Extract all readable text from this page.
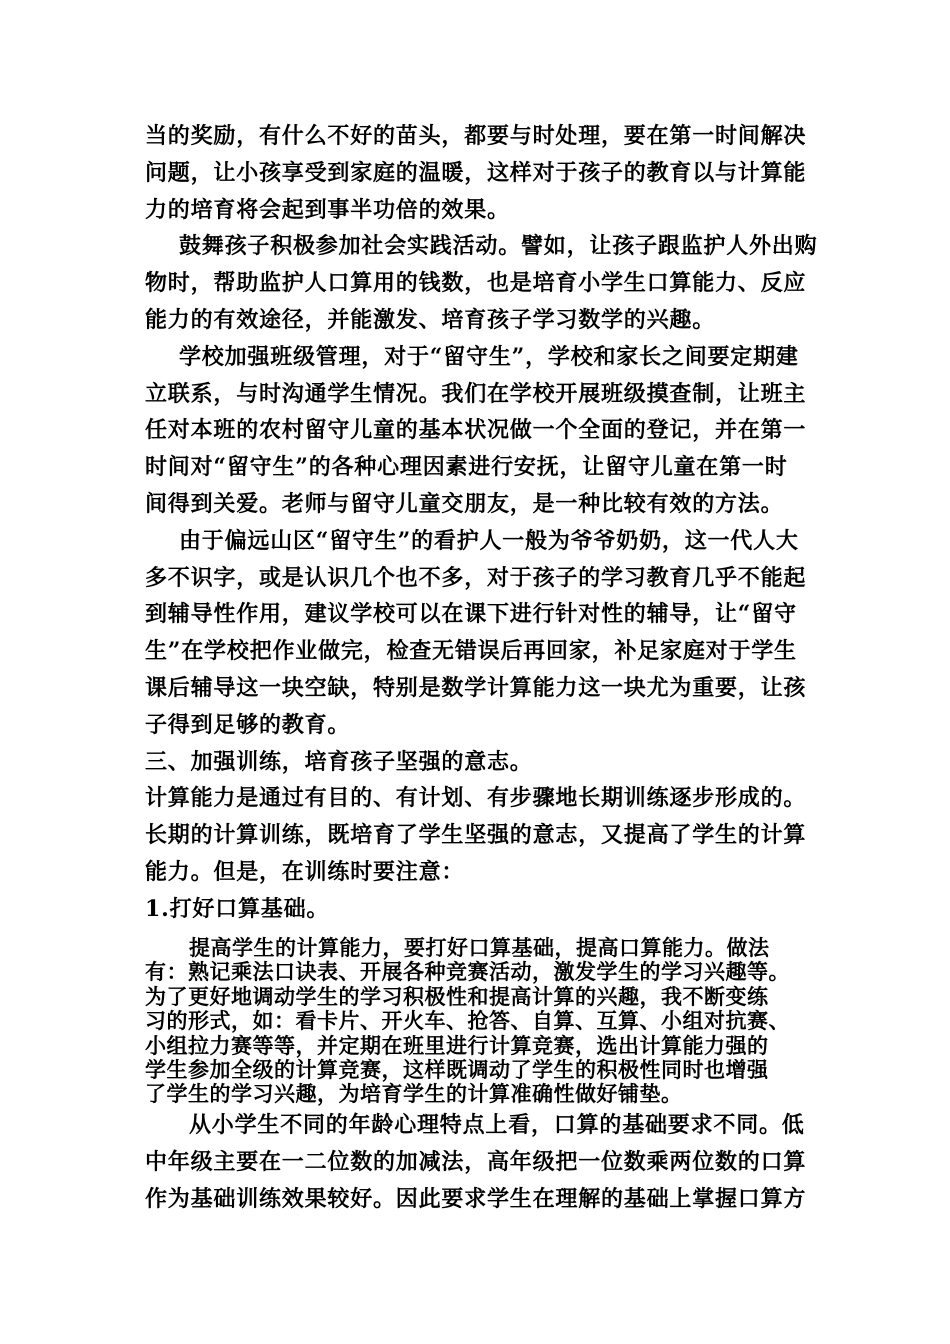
当的奖励，有什么不好的苗头，都要与时处理，要在第一时间解决
问题，让小孩享受到家庭的温暖，这样对于孩子的教育以与计算能
力的培育将会起到事半功倍的效果。
鼓舞孩子积极参加社会实践活动。譬如，让孩子跟监护人外出购
物时，帮助监护人口算用的钱数，也是培育小学生口算能力、反应
能力的有效途径，并能激发、培育孩子学习数学的兴趣。
学校加强班级管理，对于“留守生”，学校和家长之间要定期建
立联系，与时沟通学生情况。我们在学校开展班级摸查制，让班主
任对本班的农村留守儿童的基本状况做一个全面的登记，并在第一
时间对“留守生”的各种心理因素进行安抚，让留守儿童在第一时
间得到关爱。老师与留守儿童交朋友，是一种比较有效的方法。
由于偏远山区“留守生”的看护人一般为爷爷奶奶，这一代人大
多不识字，或是认识几个也不多，对于孩子的学习教育几乎不能起
到辅导性作用，建议学校可以在课下进行针对性的辅导，让“留守
生”在学校把作业做完，检查无错误后再回家，补足家庭对于学生
课后辅导这一块空缺，特别是数学计算能力这一块尤为重要，让孩
子得到足够的教育。
三、加强训练，培育孩子坚强的意志。
计算能力是通过有目的、有计划、有步骤地长期训练逐步形成的。
长期的计算训练，既培育了学生坚强的意志，又提高了学生的计算
能力。但是，在训练时要注意：
1.打好口算基础。
提高学生的计算能力，要打好口算基础，提高口算能力。做法
有：熟记乘法口诀表、开展各种竞赛活动，激发学生的学习兴趣等。
为了更好地调动学生的学习积极性和提高计算的兴趣，我不断变练
习的形式，如：看卡片、开火车、抢答、自算、互算、小组对抗赛、
小组拉力赛等等，并定期在班里进行计算竞赛，选出计算能力强的
学生参加全级的计算竞赛，这样既调动了学生的积极性同时也增强
了学生的学习兴趣，为培育学生的计算准确性做好铺垫。
从小学生不同的年龄心理特点上看，口算的基础要求不同。低
中年级主要在一二位数的加减法，高年级把一位数乘两位数的口算
作为基础训练效果较好。因此要求学生在理解的基础上掌握口算方
